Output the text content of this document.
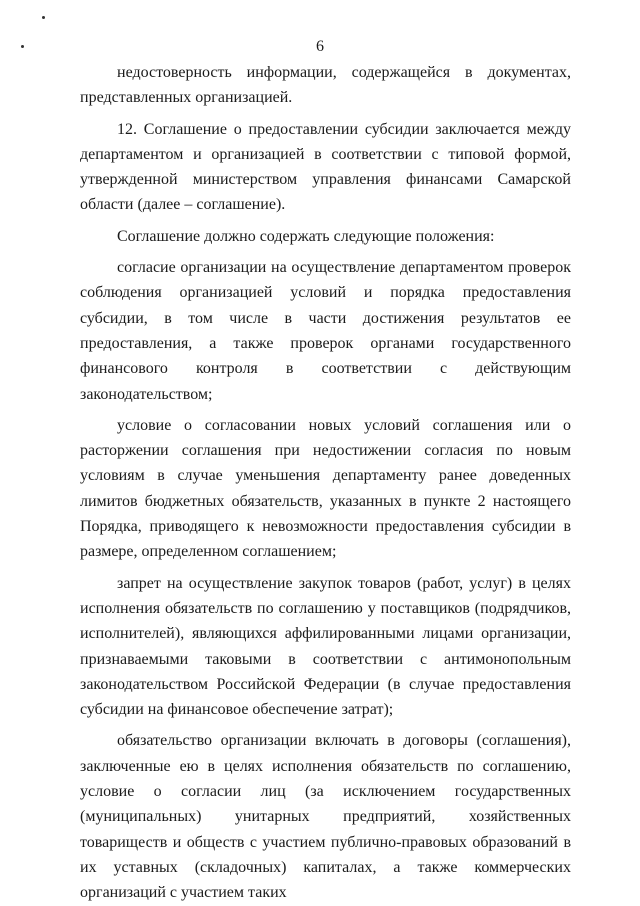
6

недостоверность информации, содержащейся в документах, представленных организацией.

12. Соглашение о предоставлении субсидии заключается между департаментом и организацией в соответствии с типовой формой, утвержденной министерством управления финансами Самарской области (далее – соглашение).

Соглашение должно содержать следующие положения:

согласие организации на осуществление департаментом проверок соблюдения организацией условий и порядка предоставления субсидии, в том числе в части достижения результатов ее предоставления, а также проверок органами государственного финансового контроля в соответствии с действующим законодательством;

условие о согласовании новых условий соглашения или о расторжении соглашения при недостижении согласия по новым условиям в случае уменьшения департаменту ранее доведенных лимитов бюджетных обязательств, указанных в пункте 2 настоящего Порядка, приводящего к невозможности предоставления субсидии в размере, определенном соглашением;

запрет на осуществление закупок товаров (работ, услуг) в целях исполнения обязательств по соглашению у поставщиков (подрядчиков, исполнителей), являющихся аффилированными лицами организации, признаваемыми таковыми в соответствии с антимонопольным законодательством Российской Федерации (в случае предоставления субсидии на финансовое обеспечение затрат);

обязательство организации включать в договоры (соглашения), заключенные ею в целях исполнения обязательств по соглашению, условие о согласии лиц (за исключением государственных (муниципальных) унитарных предприятий, хозяйственных товариществ и обществ с участием публично-правовых образований в их уставных (складочных) капиталах, а также коммерческих организаций с участием таких
